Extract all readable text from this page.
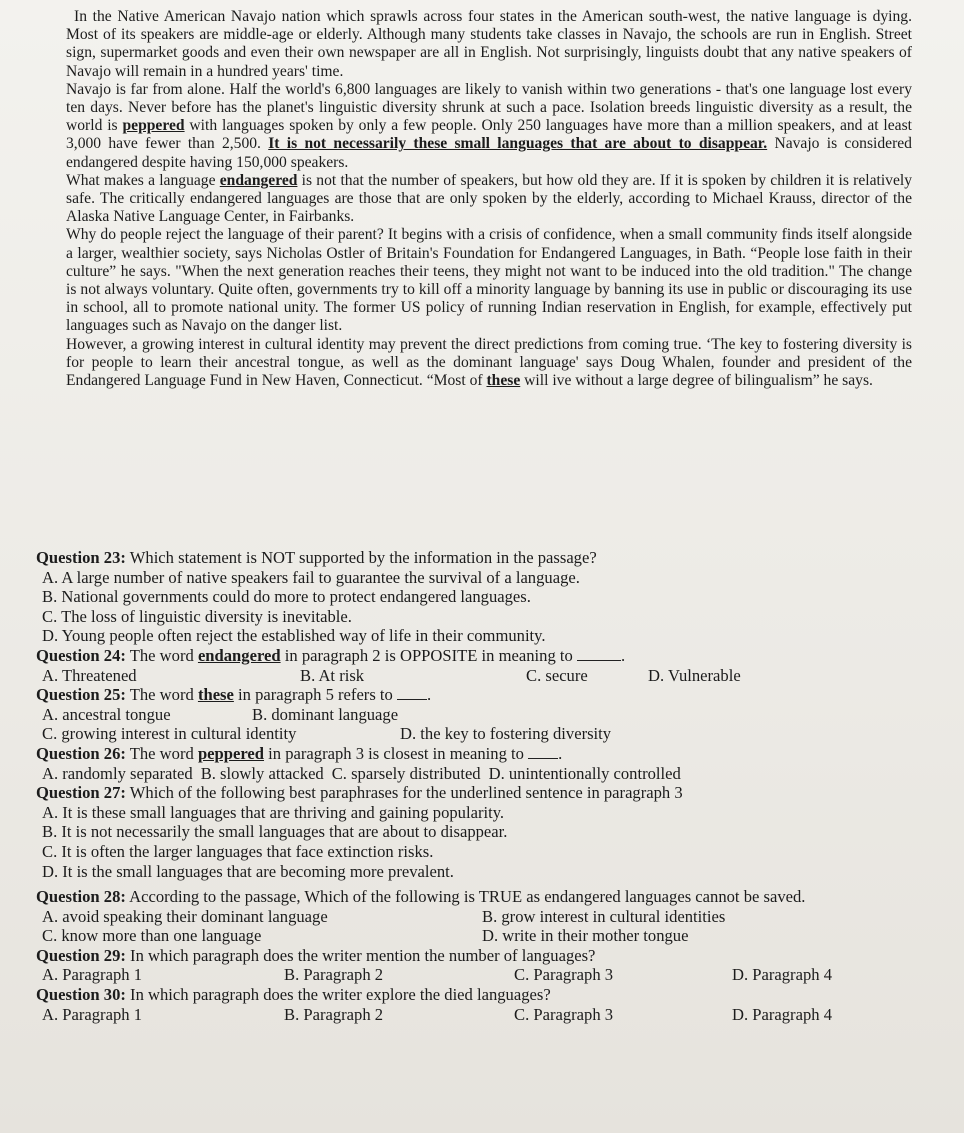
In the Native American Navajo nation which sprawls across four states in the American south-west, the native language is dying. Most of its speakers are middle-age or elderly. Although many students take classes in Navajo, the schools are run in English. Street sign, supermarket goods and even their own newspaper are all in English. Not surprisingly, linguists doubt that any native speakers of Navajo will remain in a hundred years' time.

Navajo is far from alone. Half the world's 6,800 languages are likely to vanish within two generations - that's one language lost every ten days. Never before has the planet's linguistic diversity shrunk at such a pace. Isolation breeds linguistic diversity as a result, the world is peppered with languages spoken by only a few people. Only 250 languages have more than a million speakers, and at least 3,000 have fewer than 2,500. It is not necessarily these small languages that are about to disappear. Navajo is considered endangered despite having 150,000 speakers.

What makes a language endangered is not that the number of speakers, but how old they are. If it is spoken by children it is relatively safe. The critically endangered languages are those that are only spoken by the elderly, according to Michael Krauss, director of the Alaska Native Language Center, in Fairbanks.

Why do people reject the language of their parent? It begins with a crisis of confidence, when a small community finds itself alongside a larger, wealthier society, says Nicholas Ostler of Britain's Foundation for Endangered Languages, in Bath. “People lose faith in their culture” he says. "When the next generation reaches their teens, they might not want to be induced into the old tradition." The change is not always voluntary. Quite often, governments try to kill off a minority language by banning its use in public or discouraging its use in school, all to promote national unity. The former US policy of running Indian reservation in English, for example, effectively put languages such as Navajo on the danger list.

However, a growing interest in cultural identity may prevent the direct predictions from coming true. ‘The key to fostering diversity is for people to learn their ancestral tongue, as well as the dominant language' says Doug Whalen, founder and president of the Endangered Language Fund in New Haven, Connecticut. “Most of these will ive without a large degree of bilingualism” he says.

Question 23: Which statement is NOT supported by the information in the passage?

A. A large number of native speakers fail to guarantee the survival of a language.

B. National governments could do more to protect endangered languages.

C. The loss of linguistic diversity is inevitable.

D. Young people often reject the established way of life in their community.

Question 24: The word endangered in paragraph 2 is OPPOSITE in meaning to	.

A. Threatened	B. At risk	C. secure	D. Vulnerable

Question 25: The word these in paragraph 5 refers to .

A. ancestral tongue	B. dominant language
C. growing interest in cultural identity	D. the key to fostering diversity

Question 26: The word peppered in paragraph 3 is closest in meaning to .

A. randomly separated B. slowly attacked C. sparsely distributed D. unintentionally controlled

Question 27: Which of the following best paraphrases for the underlined sentence in paragraph 3

A. It is these small languages that are thriving and gaining popularity.

B. It is not necessarily the small languages that are about to disappear.

C. It is often the larger languages that face extinction risks.

D. It is the small languages that are becoming more prevalent.

Question 28: According to the passage, Which of the following is TRUE as endangered languages cannot be saved.

A. avoid speaking their dominant language	B. grow interest in cultural identities
C. know more than one language	D. write in their mother tongue

Question 29: In which paragraph does the writer mention the number of languages?

A. Paragraph 1	B. Paragraph 2	C. Paragraph 3	D. Paragraph 4

Question 30: In which paragraph does the writer explore the died languages?

A. Paragraph 1	B. Paragraph 2	C. Paragraph 3	D. Paragraph 4
